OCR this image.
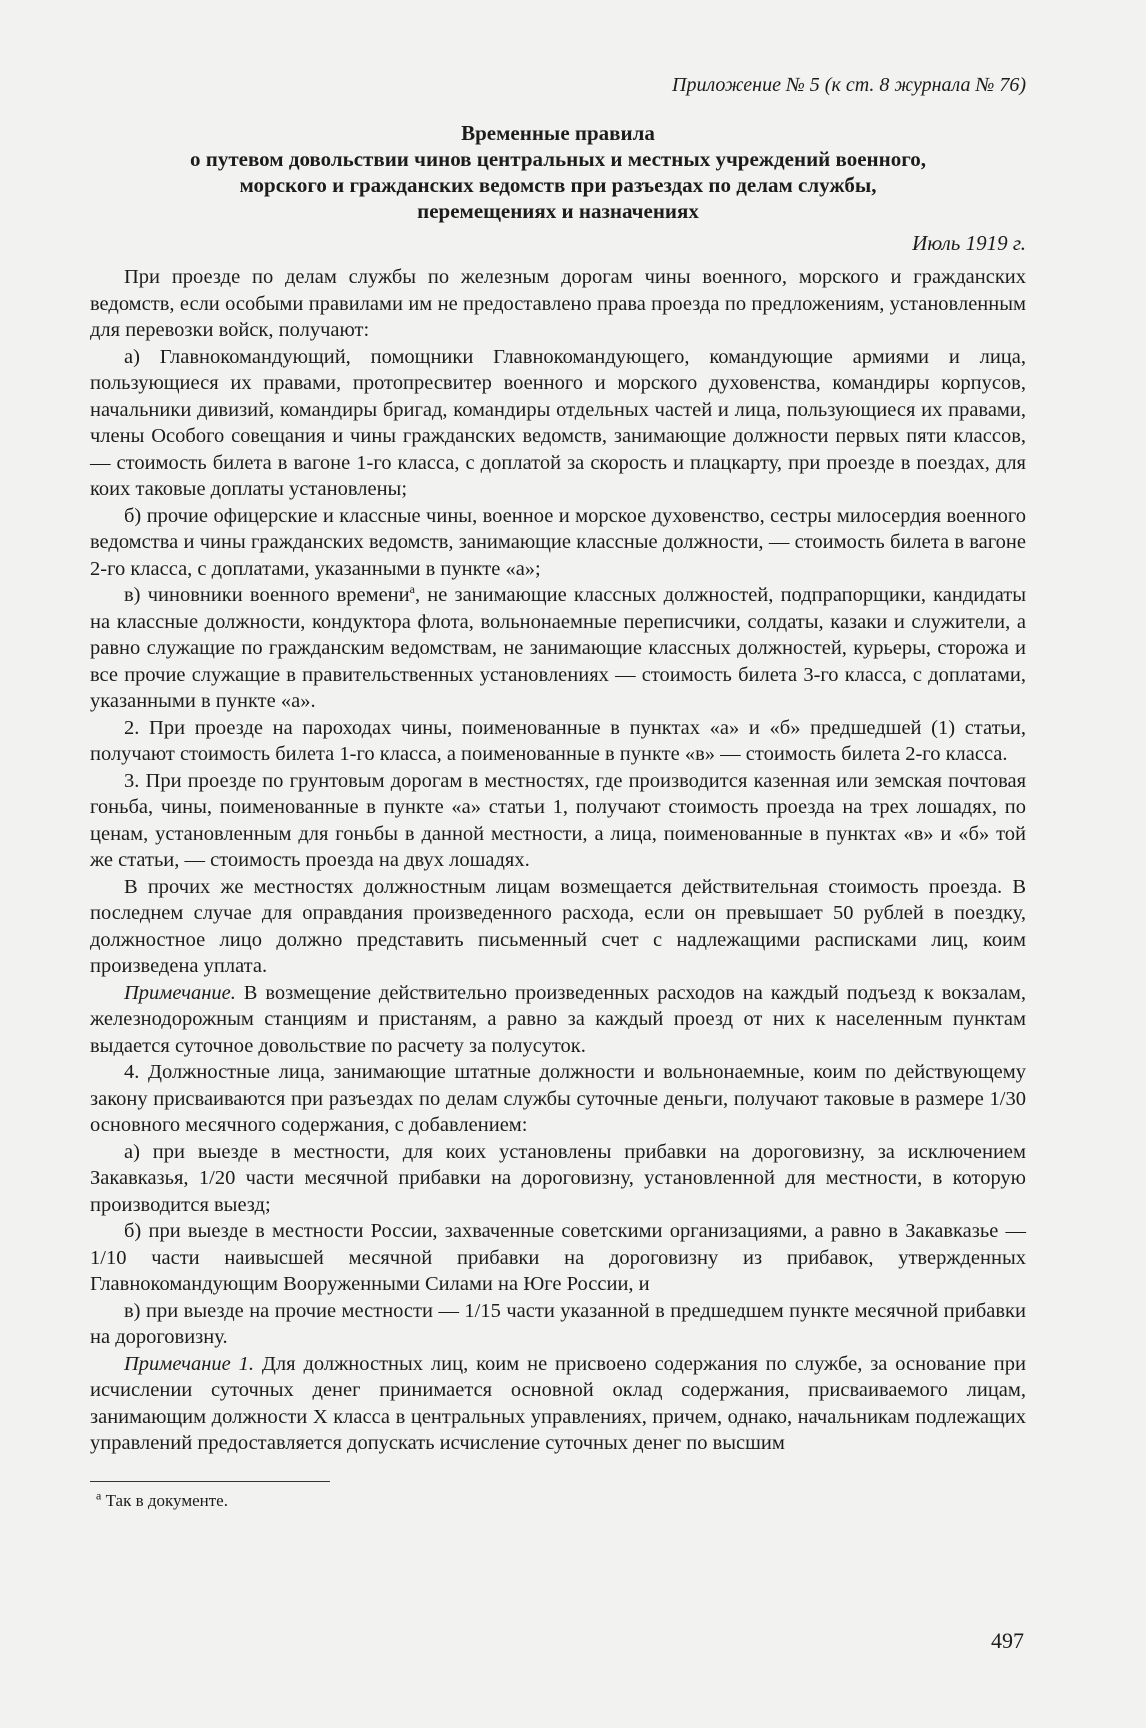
Приложение № 5 (к ст. 8 журнала № 76)
Временные правила
о путевом довольствии чинов центральных и местных учреждений военного,
морского и гражданских ведомств при разъездах по делам службы,
перемещениях и назначениях
Июль 1919 г.

При проезде по делам службы по железным дорогам чины военного, морского и гражданских ведомств, если особыми правилами им не предоставлено права проезда по предложениям, установленным для перевозки войск, получают:

а) Главнокомандующий, помощники Главнокомандующего, командующие армиями и лица, пользующиеся их правами, протопресвитер военного и морского духовенства, командиры корпусов, начальники дивизий, командиры бригад, командиры отдельных частей и лица, пользующиеся их правами, члены Особого совещания и чины гражданских ведомств, занимающие должности первых пяти классов, — стоимость билета в вагоне 1-го класса, с доплатой за скорость и плацкарту, при проезде в поездах, для коих таковые доплаты установлены;

б) прочие офицерские и классные чины, военное и морское духовенство, сестры милосердия военного ведомства и чины гражданских ведомств, занимающие классные должности, — стоимость билета в вагоне 2-го класса, с доплатами, указанными в пункте «а»;

в) чиновники военного времени$^а$, не занимающие классных должностей, подпрапорщики, кандидаты на классные должности, кондуктора флота, вольнонаемные переписчики, солдаты, казаки и служители, а равно служащие по гражданским ведомствам, не занимающие классных должностей, курьеры, сторожа и все прочие служащие в правительственных установлениях — стоимость билета 3-го класса, с доплатами, указанными в пункте «а».

2. При проезде на пароходах чины, поименованные в пунктах «а» и «б» предшедшей (1) статьи, получают стоимость билета 1-го класса, а поименованные в пункте «в» — стоимость билета 2-го класса.

3. При проезде по грунтовым дорогам в местностях, где производится казенная или земская почтовая гоньба, чины, поименованные в пункте «а» статьи 1, получают стоимость проезда на трех лошадях, по ценам, установленным для гоньбы в данной местности, а лица, поименованные в пунктах «в» и «б» той же статьи, — стоимость проезда на двух лошадях.

В прочих же местностях должностным лицам возмещается действительная стоимость проезда. В последнем случае для оправдания произведенного расхода, если он превышает 50 рублей в поездку, должностное лицо должно представить письменный счет с надлежащими расписками лиц, коим произведена уплата.

Примечание. В возмещение действительно произведенных расходов на каждый подъезд к вокзалам, железнодорожным станциям и пристаням, а равно за каждый проезд от них к населенным пунктам выдается суточное довольствие по расчету за полусуток.

4. Должностные лица, занимающие штатные должности и вольнонаемные, коим по действующему закону присваиваются при разъездах по делам службы суточные деньги, получают таковые в размере 1/30 основного месячного содержания, с добавлением:

а) при выезде в местности, для коих установлены прибавки на дороговизну, за исключением Закавказья, 1/20 части месячной прибавки на дороговизну, установленной для местности, в которую производится выезд;

б) при выезде в местности России, захваченные советскими организациями, а равно в Закавказье — 1/10 части наивысшей месячной прибавки на дороговизну из прибавок, утвержденных Главнокомандующим Вооруженными Силами на Юге России, и

в) при выезде на прочие местности — 1/15 части указанной в предшедшем пункте месячной прибавки на дороговизну.

Примечание 1. Для должностных лиц, коим не присвоено содержания по службе, за основание при исчислении суточных денег принимается основной оклад содержания, присваиваемого лицам, занимающим должности X класса в центральных управлениях, причем, однако, начальникам подлежащих управлений предоставляется допускать исчисление суточных денег по высшим

$^а$ Так в документе.
497
